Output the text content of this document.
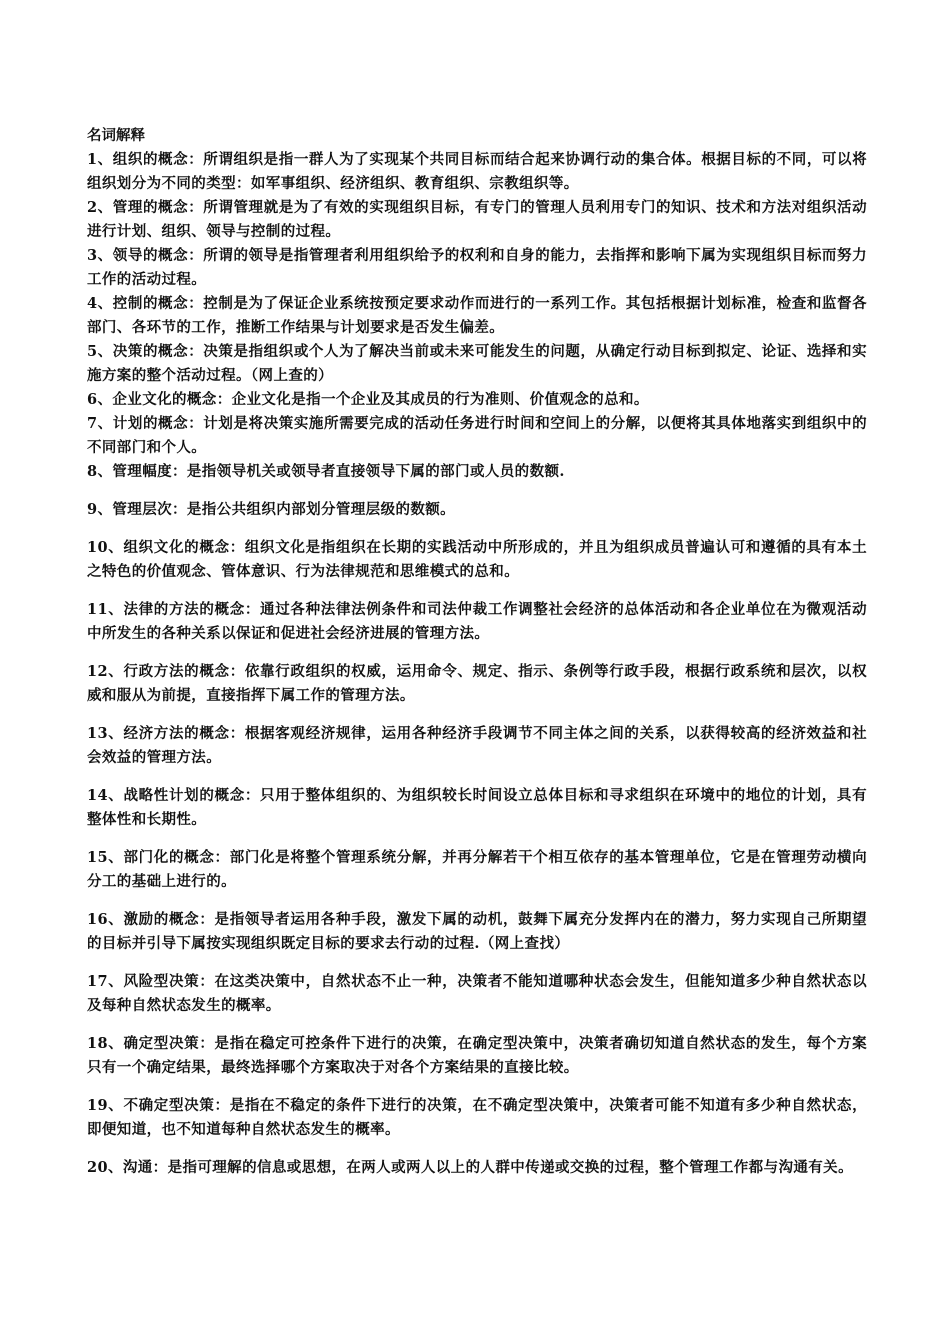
名词解释

1、组织的概念：所谓组织是指一群人为了实现某个共同目标而结合起来协调行动的集合体。根据目标的不同，可以将组织划分为不同的类型：如军事组织、经济组织、教育组织、宗教组织等。

2、管理的概念：所谓管理就是为了有效的实现组织目标，有专门的管理人员利用专门的知识、技术和方法对组织活动进行计划、组织、领导与控制的过程。

3、领导的概念：所谓的领导是指管理者利用组织给予的权利和自身的能力，去指挥和影响下属为实现组织目标而努力工作的活动过程。

4、控制的概念：控制是为了保证企业系统按预定要求动作而进行的一系列工作。其包括根据计划标准，检查和监督各部门、各环节的工作，推断工作结果与计划要求是否发生偏差。

5、决策的概念：决策是指组织或个人为了解决当前或未来可能发生的问题，从确定行动目标到拟定、论证、选择和实施方案的整个活动过程。（网上查的）

6、企业文化的概念：企业文化是指一个企业及其成员的行为准则、价值观念的总和。

7、计划的概念：计划是将决策实施所需要完成的活动任务进行时间和空间上的分解，以便将其具体地落实到组织中的不同部门和个人。

8、管理幅度：是指领导机关或领导者直接领导下属的部门或人员的数额.

9、管理层次：是指公共组织内部划分管理层级的数额。

10、组织文化的概念：组织文化是指组织在长期的实践活动中所形成的，并且为组织成员普遍认可和遵循的具有本土之特色的价值观念、管体意识、行为法律规范和思维模式的总和。

11、法律的方法的概念：通过各种法律法例条件和司法仲裁工作调整社会经济的总体活动和各企业单位在为微观活动中所发生的各种关系以保证和促进社会经济进展的管理方法。

12、行政方法的概念：依靠行政组织的权威，运用命令、规定、指示、条例等行政手段，根据行政系统和层次，以权威和服从为前提，直接指挥下属工作的管理方法。

13、经济方法的概念：根据客观经济规律，运用各种经济手段调节不同主体之间的关系，以获得较高的经济效益和社会效益的管理方法。

14、战略性计划的概念：只用于整体组织的、为组织较长时间设立总体目标和寻求组织在环境中的地位的计划，具有整体性和长期性。

15、部门化的概念：部门化是将整个管理系统分解，并再分解若干个相互依存的基本管理单位，它是在管理劳动横向分工的基础上进行的。

16、激励的概念：是指领导者运用各种手段，激发下属的动机，鼓舞下属充分发挥内在的潜力，努力实现自己所期望的目标并引导下属按实现组织既定目标的要求去行动的过程.（网上查找）

17、风险型决策：在这类决策中，自然状态不止一种，决策者不能知道哪种状态会发生，但能知道多少种自然状态以及每种自然状态发生的概率。

18、确定型决策：是指在稳定可控条件下进行的决策，在确定型决策中，决策者确切知道自然状态的发生，每个方案只有一个确定结果，最终选择哪个方案取决于对各个方案结果的直接比较。

19、不确定型决策：是指在不稳定的条件下进行的决策，在不确定型决策中，决策者可能不知道有多少种自然状态，即便知道，也不知道每种自然状态发生的概率。

20、沟通：是指可理解的信息或思想，在两人或两人以上的人群中传递或交换的过程，整个管理工作都与沟通有关。
